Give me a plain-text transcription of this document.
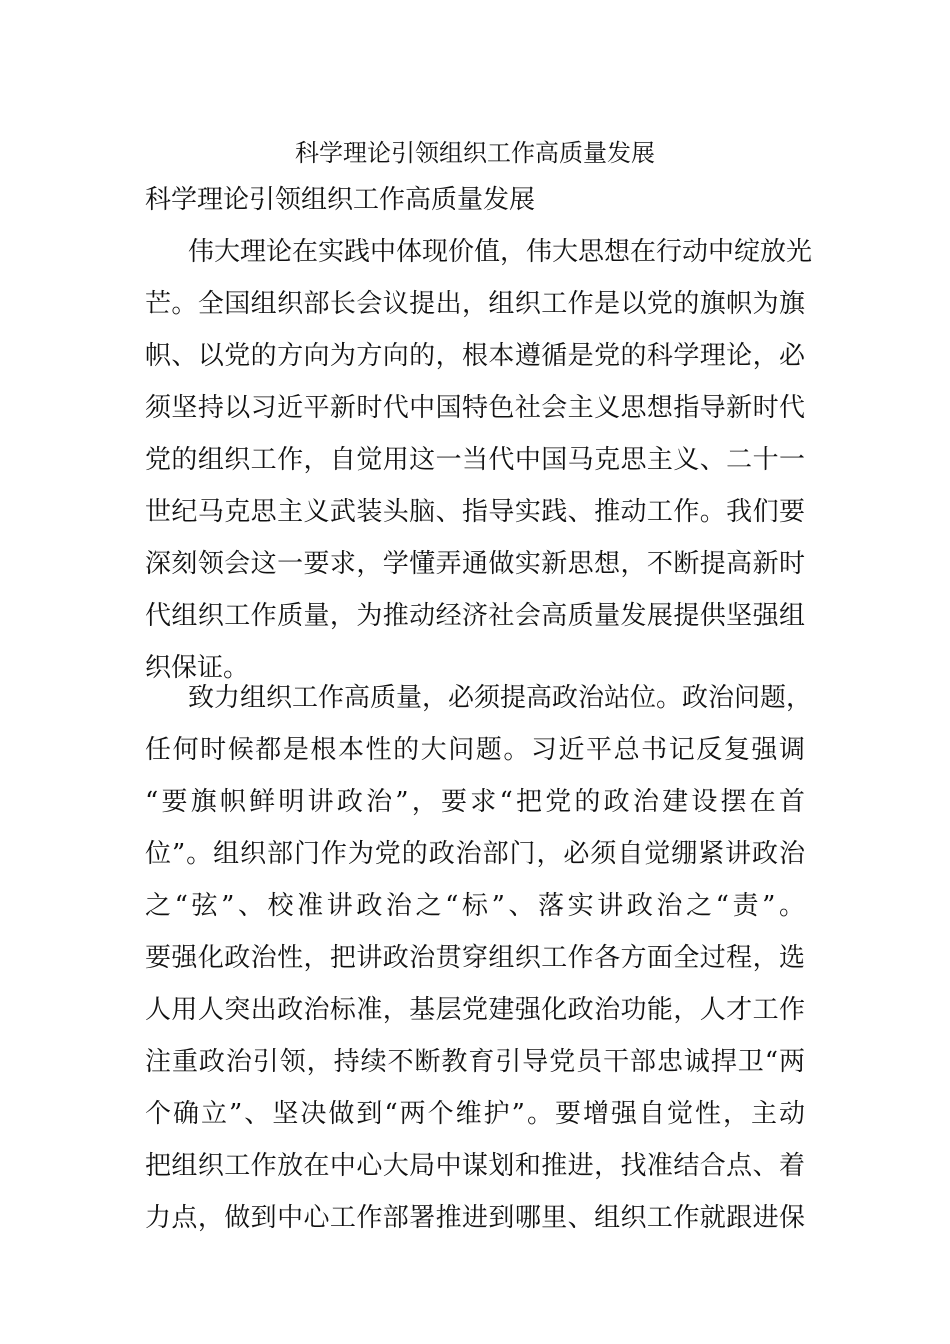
科学理论引领组织工作高质量发展
科学理论引领组织工作高质量发展
伟大理论在实践中体现价值，伟大思想在行动中绽放光
芒。全国组织部长会议提出，组织工作是以党的旗帜为旗
帜、以党的方向为方向的，根本遵循是党的科学理论，必
须坚持以习近平新时代中国特色社会主义思想指导新时代
党的组织工作，自觉用这一当代中国马克思主义、二十一
世纪马克思主义武装头脑、指导实践、推动工作。我们要
深刻领会这一要求，学懂弄通做实新思想，不断提高新时
代组织工作质量，为推动经济社会高质量发展提供坚强组
织保证。
致力组织工作高质量，必须提高政治站位。政治问题，
任何时候都是根本性的大问题。习近平总书记反复强调
“要旗帜鲜明讲政治”，要求“把党的政治建设摆在首
位”。组织部门作为党的政治部门，必须自觉绷紧讲政治
之“弦”、校准讲政治之“标”、落实讲政治之“责”。
要强化政治性，把讲政治贯穿组织工作各方面全过程，选
人用人突出政治标准，基层党建强化政治功能，人才工作
注重政治引领，持续不断教育引导党员干部忠诚捍卫“两
个确立”、坚决做到“两个维护”。要增强自觉性，主动
把组织工作放在中心大局中谋划和推进，找准结合点、着
力点，做到中心工作部署推进到哪里、组织工作就跟进保
